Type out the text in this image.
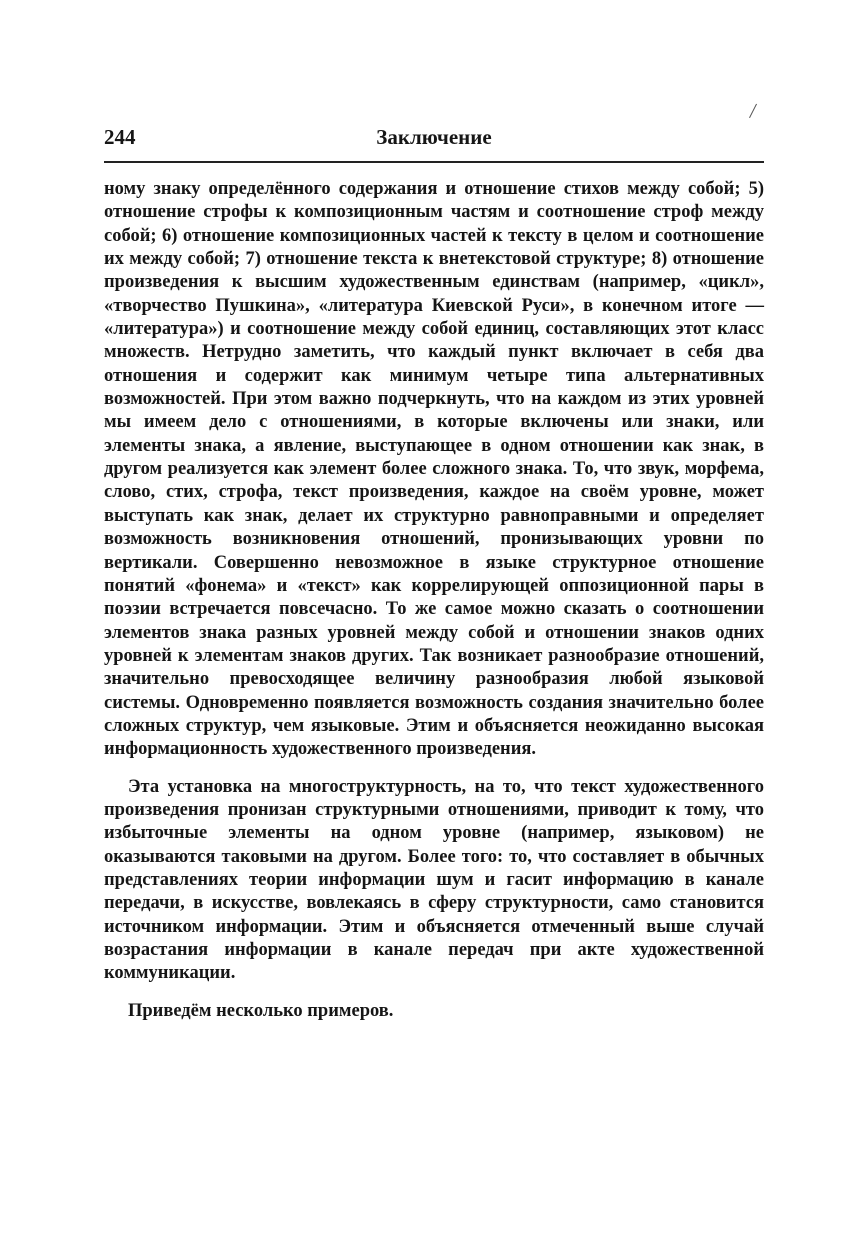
/
244	Заключение

ному знаку определённого содержания и отношение стихов между собой; 5) отношение строфы к композиционным частям и соотношение строф между собой; 6) отношение композиционных частей к тексту в целом и соотношение их между собой; 7) отношение текста к внетекстовой структуре; 8) отношение произведения к высшим художественным единствам (например, «цикл», «творчество Пушкина», «литература Киевской Руси», в конечном итоге — «литература») и соотношение между собой единиц, составляющих этот класс множеств. Нетрудно заметить, что каждый пункт включает в себя два отношения и содержит как минимум четыре типа альтернативных возможностей. При этом важно подчеркнуть, что на каждом из этих уровней мы имеем дело с отношениями, в которые включены или знаки, или элементы знака, а явление, выступающее в одном отношении как знак, в другом реализуется как элемент более сложного знака. То, что звук, морфема, слово, стих, строфа, текст произведения, каждое на своём уровне, может выступать как знак, делает их структурно равноправными и определяет возможность возникновения отношений, пронизывающих уровни по вертикали. Совершенно невозможное в языке структурное отношение понятий «фонема» и «текст» как коррелирующей оппозиционной пары в поэзии встречается повсечасно. То же самое можно сказать о соотношении элементов знака разных уровней между собой и отношении знаков одних уровней к элементам знаков других. Так возникает разнообразие отношений, значительно превосходящее величину разнообразия любой языковой системы. Одновременно появляется возможность создания значительно более сложных структур, чем языковые. Этим и объясняется неожиданно высокая информационность художественного произведения.

Эта установка на многоструктурность, на то, что текст художественного произведения пронизан структурными отношениями, приводит к тому, что избыточные элементы на одном уровне (например, языковом) не оказываются таковыми на другом. Более того: то, что составляет в обычных представлениях теории информации шум и гасит информацию в канале передачи, в искусстве, вовлекаясь в сферу структурности, само становится источником информации. Этим и объясняется отмеченный выше случай возрастания информации в канале передач при акте художественной коммуникации.

Приведём несколько примеров.
